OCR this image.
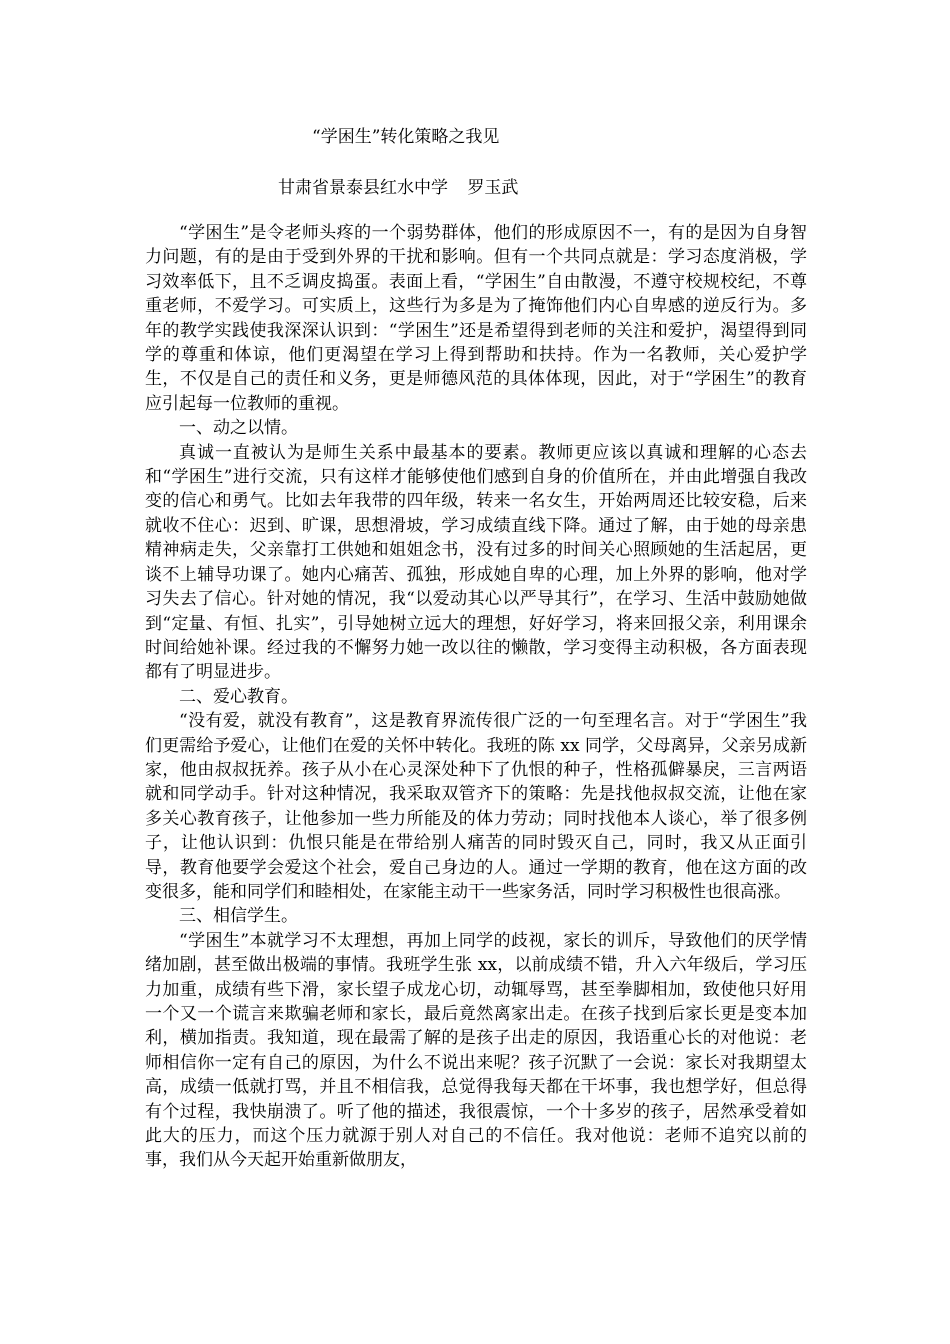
“学困生”转化策略之我见
甘肃省景泰县红水中学 罗玉武

“学困生”是令老师头疼的一个弱势群体，他们的形成原因不一，有的是因为自身智力问题，有的是由于受到外界的干扰和影响。但有一个共同点就是：学习态度消极，学习效率低下，且不乏调皮捣蛋。表面上看，“学困生”自由散漫，不遵守校规校纪，不尊重老师，不爱学习。可实质上，这些行为多是为了掩饰他们内心自卑感的逆反行为。多年的教学实践使我深深认识到：“学困生”还是希望得到老师的关注和爱护，渴望得到同学的尊重和体谅，他们更渴望在学习上得到帮助和扶持。作为一名教师，关心爱护学生，不仅是自己的责任和义务，更是师德风范的具体体现，因此，对于“学困生”的教育应引起每一位教师的重视。

一、动之以情。

真诚一直被认为是师生关系中最基本的要素。教师更应该以真诚和理解的心态去和“学困生”进行交流，只有这样才能够使他们感到自身的价值所在，并由此增强自我改变的信心和勇气。比如去年我带的四年级，转来一名女生，开始两周还比较安稳，后来就收不住心：迟到、旷课，思想滑坡，学习成绩直线下降。通过了解，由于她的母亲患精神病走失，父亲靠打工供她和姐姐念书，没有过多的时间关心照顾她的生活起居，更谈不上辅导功课了。她内心痛苦、孤独，形成她自卑的心理，加上外界的影响，他对学习失去了信心。针对她的情况，我“以爱动其心以严导其行”，在学习、生活中鼓励她做到“定量、有恒、扎实”，引导她树立远大的理想，好好学习，将来回报父亲，利用课余时间给她补课。经过我的不懈努力她一改以往的懒散，学习变得主动积极，各方面表现都有了明显进步。

二、爱心教育。

“没有爱，就没有教育”，这是教育界流传很广泛的一句至理名言。对于“学困生”我们更需给予爱心，让他们在爱的关怀中转化。我班的陈 xx 同学，父母离异，父亲另成新家，他由叔叔抚养。孩子从小在心灵深处种下了仇恨的种子，性格孤僻暴戾，三言两语就和同学动手。针对这种情况，我采取双管齐下的策略：先是找他叔叔交流，让他在家多关心教育孩子，让他参加一些力所能及的体力劳动；同时找他本人谈心，举了很多例子，让他认识到：仇恨只能是在带给别人痛苦的同时毁灭自己，同时，我又从正面引导，教育他要学会爱这个社会，爱自己身边的人。通过一学期的教育，他在这方面的改变很多，能和同学们和睦相处，在家能主动干一些家务活，同时学习积极性也很高涨。

三、相信学生。

“学困生”本就学习不太理想，再加上同学的歧视，家长的训斥，导致他们的厌学情绪加剧，甚至做出极端的事情。我班学生张 xx，以前成绩不错，升入六年级后，学习压力加重，成绩有些下滑，家长望子成龙心切，动辄辱骂，甚至拳脚相加，致使他只好用一个又一个谎言来欺骗老师和家长，最后竟然离家出走。在孩子找到后家长更是变本加利，横加指责。我知道，现在最需了解的是孩子出走的原因，我语重心长的对他说：老师相信你一定有自己的原因，为什么不说出来呢？孩子沉默了一会说：家长对我期望太高，成绩一低就打骂，并且不相信我，总觉得我每天都在干坏事，我也想学好，但总得有个过程，我快崩溃了。听了他的描述，我很震惊，一个十多岁的孩子，居然承受着如此大的压力，而这个压力就源于别人对自己的不信任。我对他说：老师不追究以前的事，我们从今天起开始重新做朋友，
